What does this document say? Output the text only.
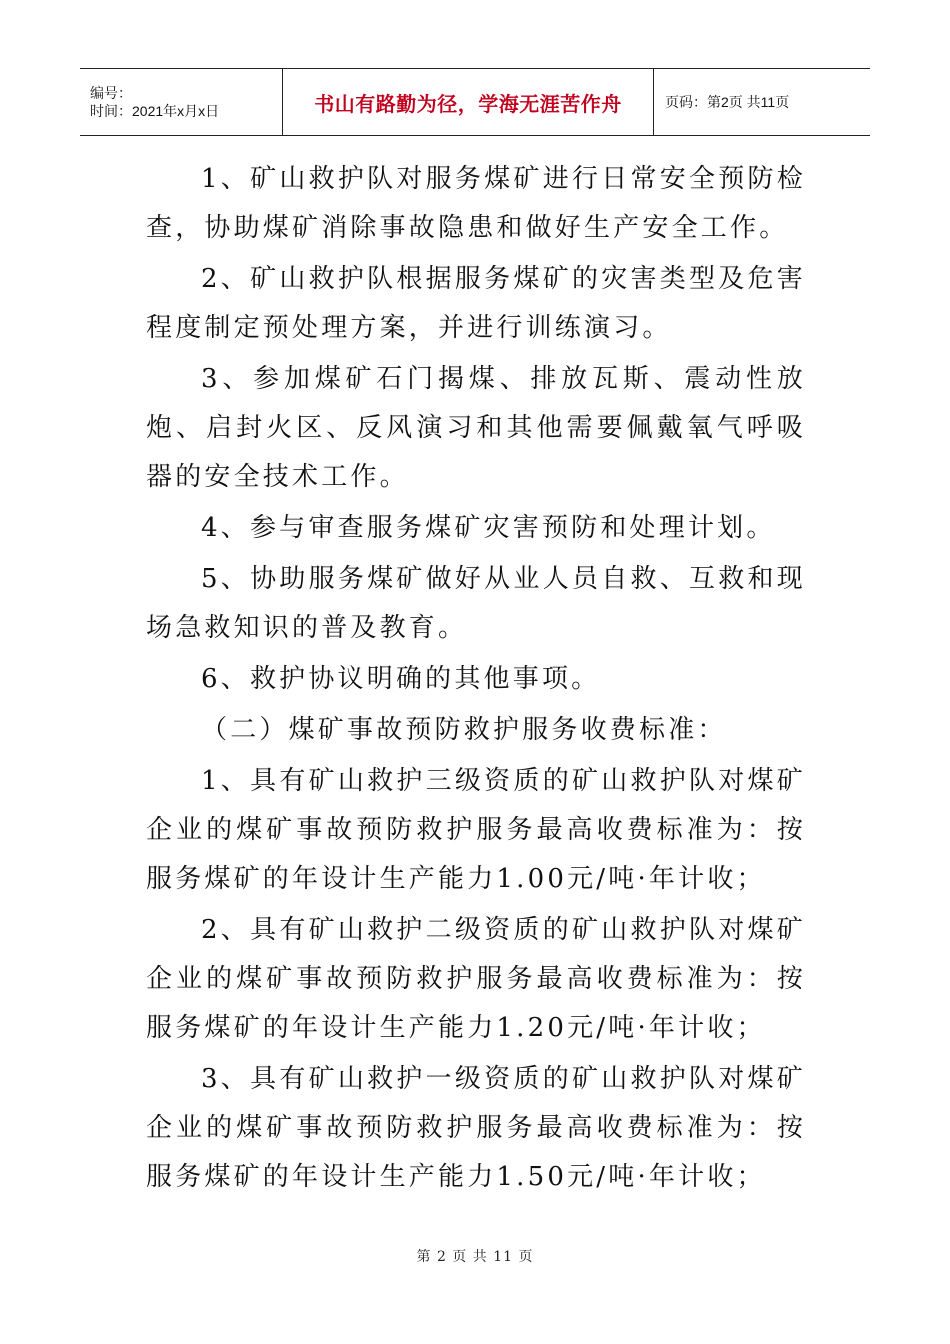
编号：
时间：2021年x月x日	书山有路勤为径，学海无涯苦作舟	页码：第2页 共11页

1、矿山救护队对服务煤矿进行日常安全预防检查，协助煤矿消除事故隐患和做好生产安全工作。

2、矿山救护队根据服务煤矿的灾害类型及危害程度制定预处理方案，并进行训练演习。

3、参加煤矿石门揭煤、排放瓦斯、震动性放炮、启封火区、反风演习和其他需要佩戴氧气呼吸器的安全技术工作。

4、参与审查服务煤矿灾害预防和处理计划。

5、协助服务煤矿做好从业人员自救、互救和现场急救知识的普及教育。

6、救护协议明确的其他事项。

（二）煤矿事故预防救护服务收费标准：

1、具有矿山救护三级资质的矿山救护队对煤矿企业的煤矿事故预防救护服务最高收费标准为：按服务煤矿的年设计生产能力1.00元/吨·年计收；

2、具有矿山救护二级资质的矿山救护队对煤矿企业的煤矿事故预防救护服务最高收费标准为：按服务煤矿的年设计生产能力1.20元/吨·年计收；

3、具有矿山救护一级资质的矿山救护队对煤矿企业的煤矿事故预防救护服务最高收费标准为：按服务煤矿的年设计生产能力1.50元/吨·年计收；

第 2 页 共 11 页
